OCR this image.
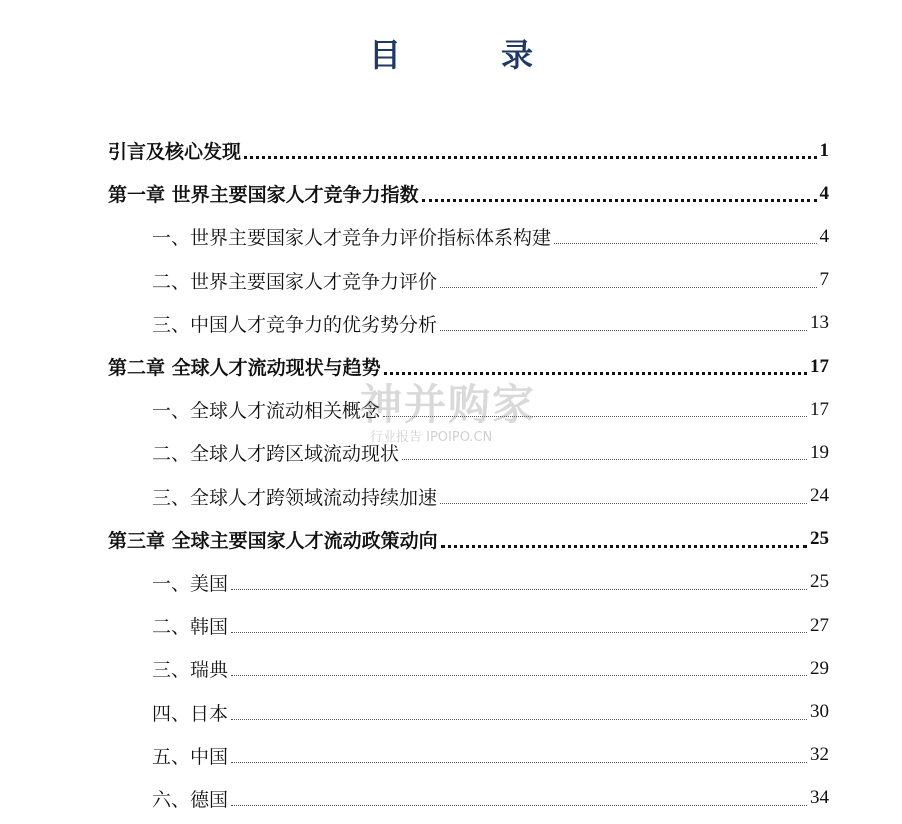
目　录
引言及核心发现	1
第一章 世界主要国家人才竞争力指数	4
一、世界主要国家人才竞争力评价指标体系构建	4
二、世界主要国家人才竞争力评价	7
三、中国人才竞争力的优劣势分析	13
第二章 全球人才流动现状与趋势	17
一、全球人才流动相关概念	17
二、全球人才跨区域流动现状	19
三、全球人才跨领域流动持续加速	24
第三章 全球主要国家人才流动政策动向	25
一、美国	25
二、韩国	27
三、瑞典	29
四、日本	30
五、中国	32
六、德国	34
神并购家
行业报告 IPOIPO.CN
